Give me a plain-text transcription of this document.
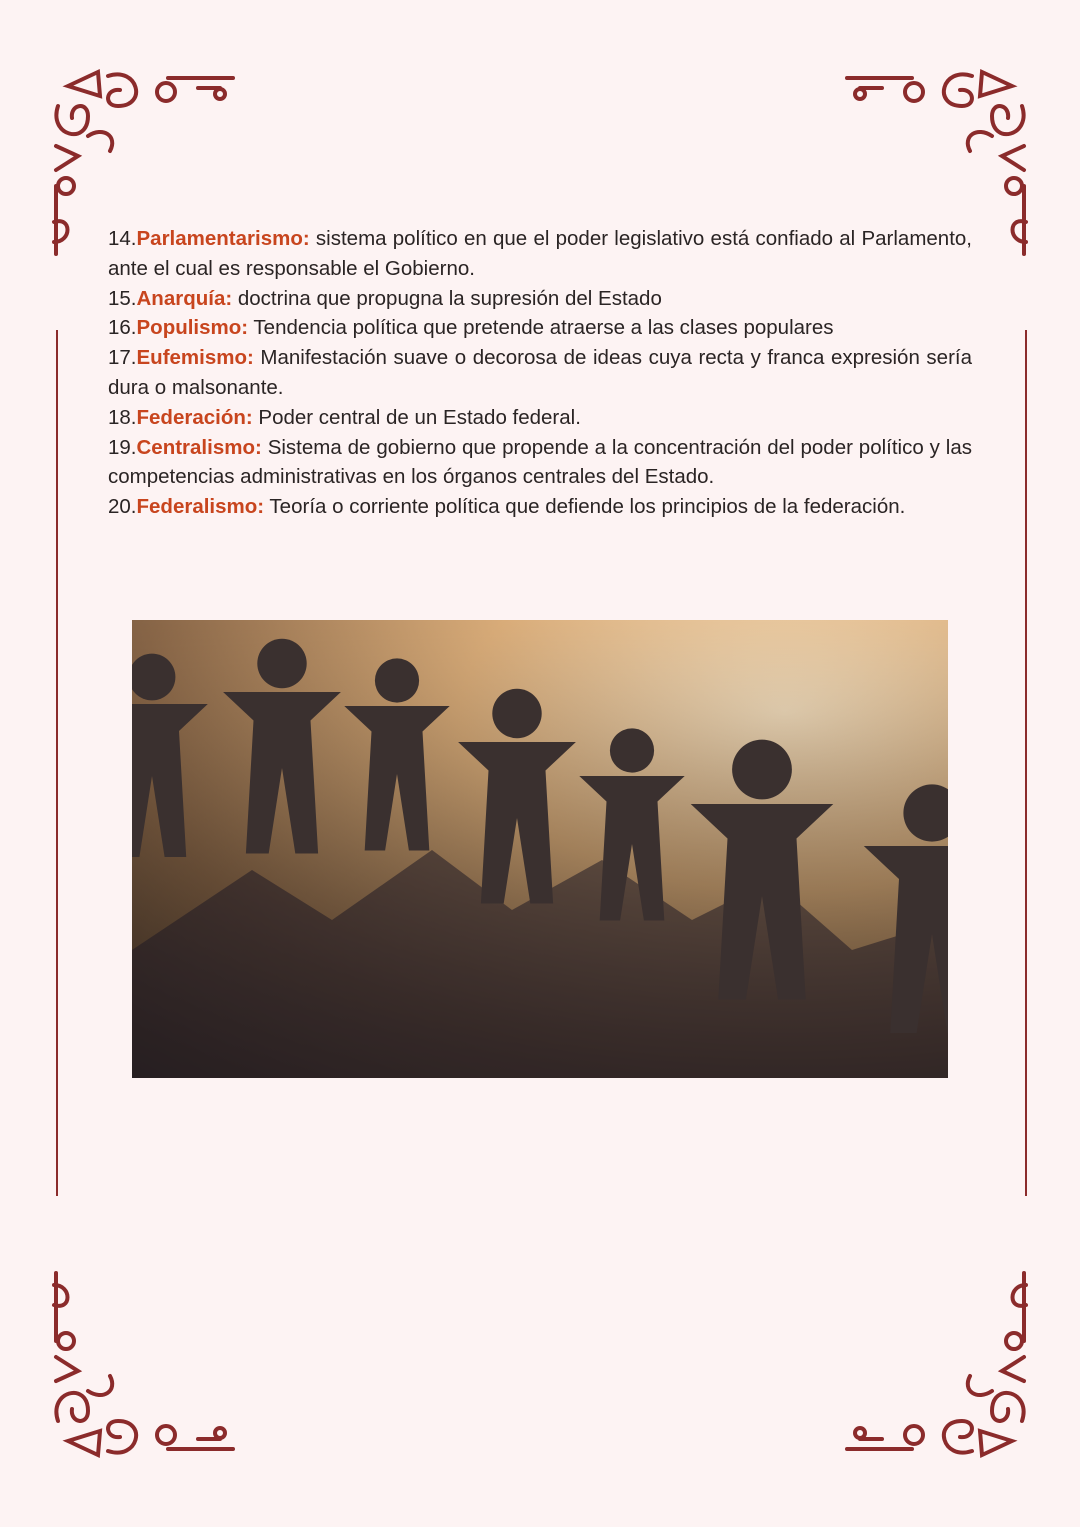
14.Parlamentarismo: sistema político en que el poder legislativo está confiado al Parlamento, ante el cual es responsable el Gobierno.

15.Anarquía: doctrina que propugna la supresión del Estado

16.Populismo: Tendencia política que pretende atraerse a las clases populares

17.Eufemismo: Manifestación suave o decorosa de ideas cuya recta y franca expresión sería dura o malsonante.

18.Federación: Poder central de un Estado federal.

19.Centralismo: Sistema de gobierno que propende a la concentración del poder político y las competencias administrativas en los órganos centrales del Estado.

20.Federalismo: Teoría o corriente política que defiende los principios de la federación.
